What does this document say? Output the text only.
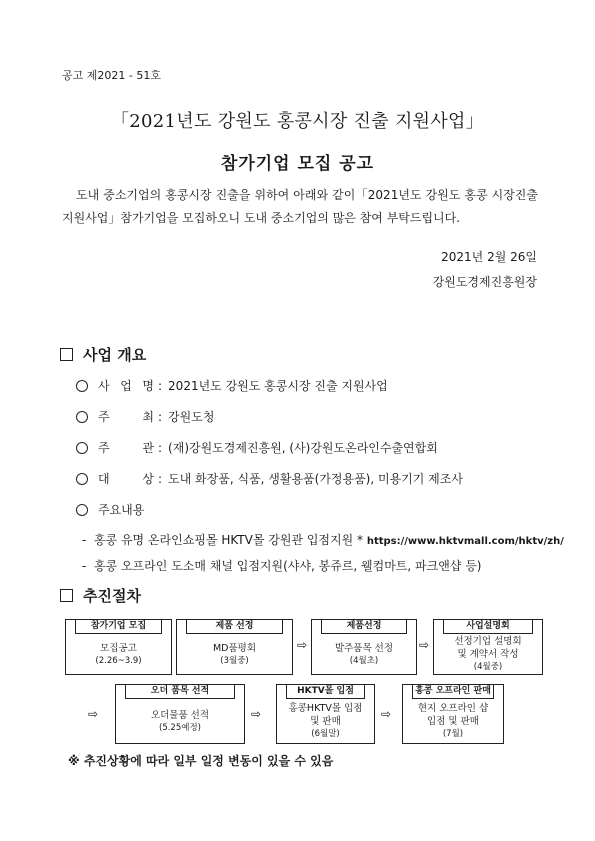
공고 제2021 - 51호
「2021년도 강원도 홍콩시장 진출 지원사업」
참가기업 모집 공고
도내 중소기업의 홍콩시장 진출을 위하여 아래와 같이「2021년도 강원도 홍콩 시장진출 지원사업」참가기업을 모집하오니 도내 중소기업의 많은 참여 부탁드립니다.
2021년 2월 26일
강원도경제진흥원장
사업 개요
사 업 명 : 2021년도 강원도 홍콩시장 진출 지원사업
주	최 : 강원도청
주	관 : (재)강원도경제진흥원, (사)강원도온라인수출연합회
대	상 : 도내 화장품, 식품, 생활용품(가정용품), 미용기기 제조사
주요내용
-  홍콩 유명 온라인쇼핑몰 HKTV몰 강원관 입점지원 * https://www.hktvmall.com/hktv/zh/
-  홍콩 오프라인 도소매 채널 입점지원(샤샤, 봉쥬르, 웰컴마트, 파크앤샵 등)
추진절차
참가기업 모집
모집공고
(2.26~3.9)
제품 선정
MD품평회
(3월중)
⇨
제품선정
발주품목 선정
(4월초)
⇨
사업설명회
선정기업 설명회
및 계약서 작성
(4월중)
⇨
오더 품목 선적
오더물품 선적
(5.25예정)
⇨
HKTV몰 입점
홍콩HKTV몰 입점
및 판매
(6월말)
⇨
홍콩 오프라인 판매
현지 오프라인 샵
입점 및 판매
(7월)
※ 추진상황에 따라 일부 일정 변동이 있을 수 있음
